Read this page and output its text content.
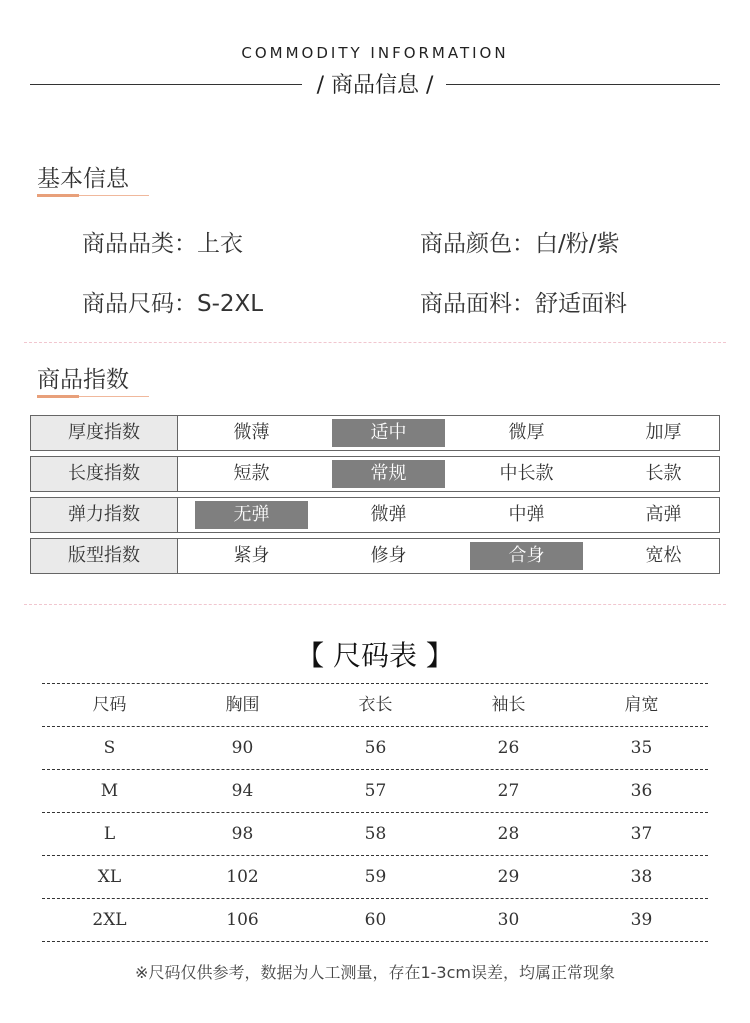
COMMODITY INFORMATION
/ 商品信息 /
基本信息
商品品类：上衣	商品颜色：白/粉/紫
商品尺码：S-2XL	商品面料：舒适面料
商品指数
厚度指数	微薄	适中	微厚	加厚
长度指数	短款	常规	中长款	长款
弹力指数	无弹	微弹	中弹	高弹
版型指数	紧身	修身	合身	宽松
【 尺码表 】
尺码	胸围	衣长	袖长	肩宽
S	90	56	26	35
M	94	57	27	36
L	98	58	28	37
XL	102	59	29	38
2XL	106	60	30	39
※尺码仅供参考，数据为人工测量，存在1-3cm误差，均属正常现象
